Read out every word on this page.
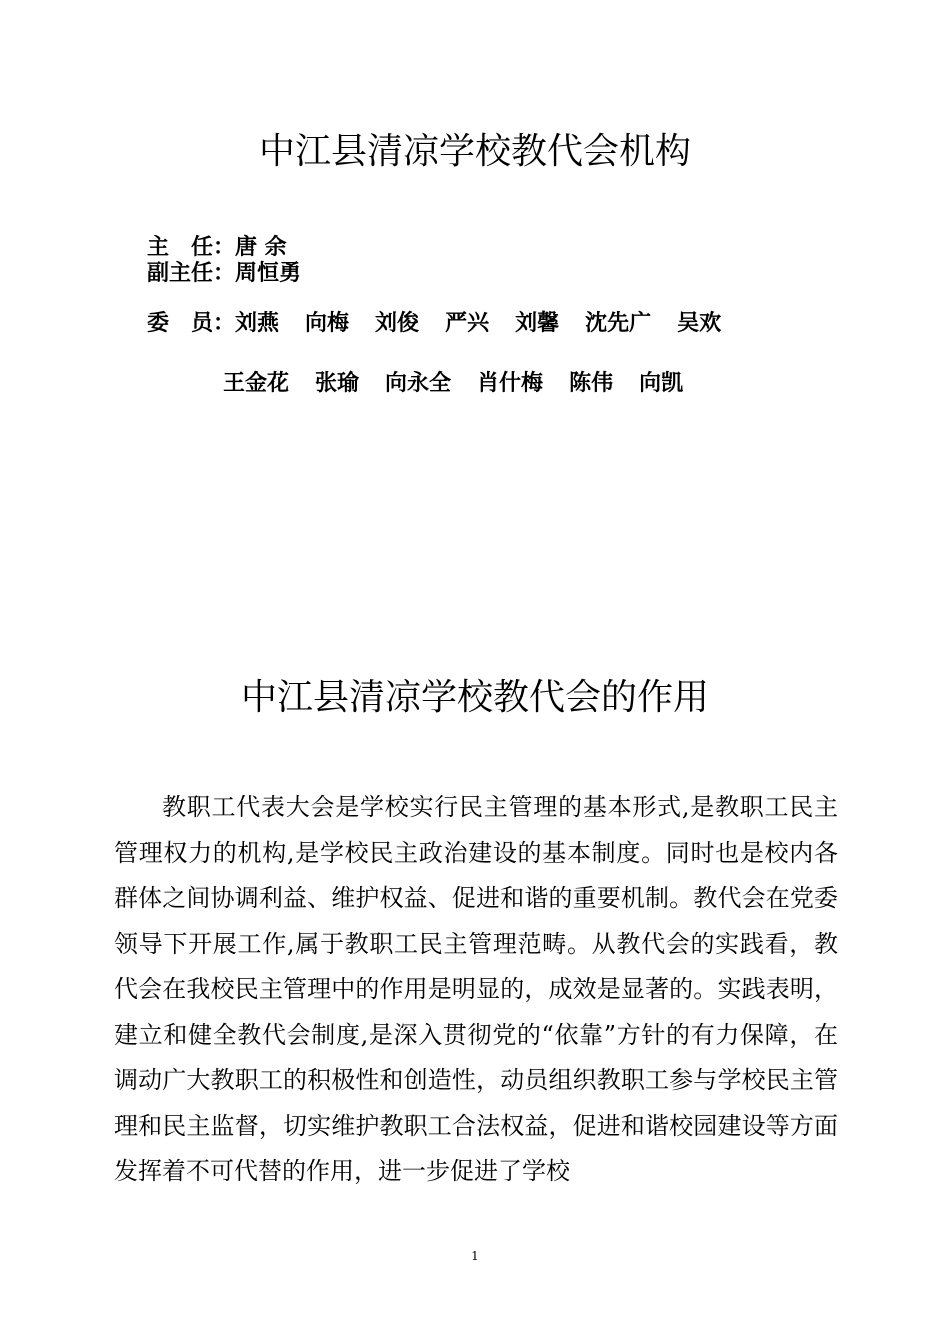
中江县清凉学校教代会机构
主　任： 唐 余
副主任： 周恒勇
委　员： 刘燕 向梅 刘俊 严兴 刘馨 沈先广 吴欢
王金花 张瑜 向永全 肖什梅 陈伟 向凯
中江县清凉学校教代会的作用

教职工代表大会是学校实行民主管理的基本形式,是教职工民主管理权力的机构,是学校民主政治建设的基本制度。同时也是校内各群体之间协调利益、维护权益、促进和谐的重要机制。教代会在党委领导下开展工作,属于教职工民主管理范畴。从教代会的实践看，教代会在我校民主管理中的作用是明显的，成效是显著的。实践表明，建立和健全教代会制度,是深入贯彻党的“依靠”方针的有力保障，在调动广大教职工的积极性和创造性，动员组织教职工参与学校民主管理和民主监督，切实维护教职工合法权益，促进和谐校园建设等方面发挥着不可代替的作用，进一步促进了学校

1
